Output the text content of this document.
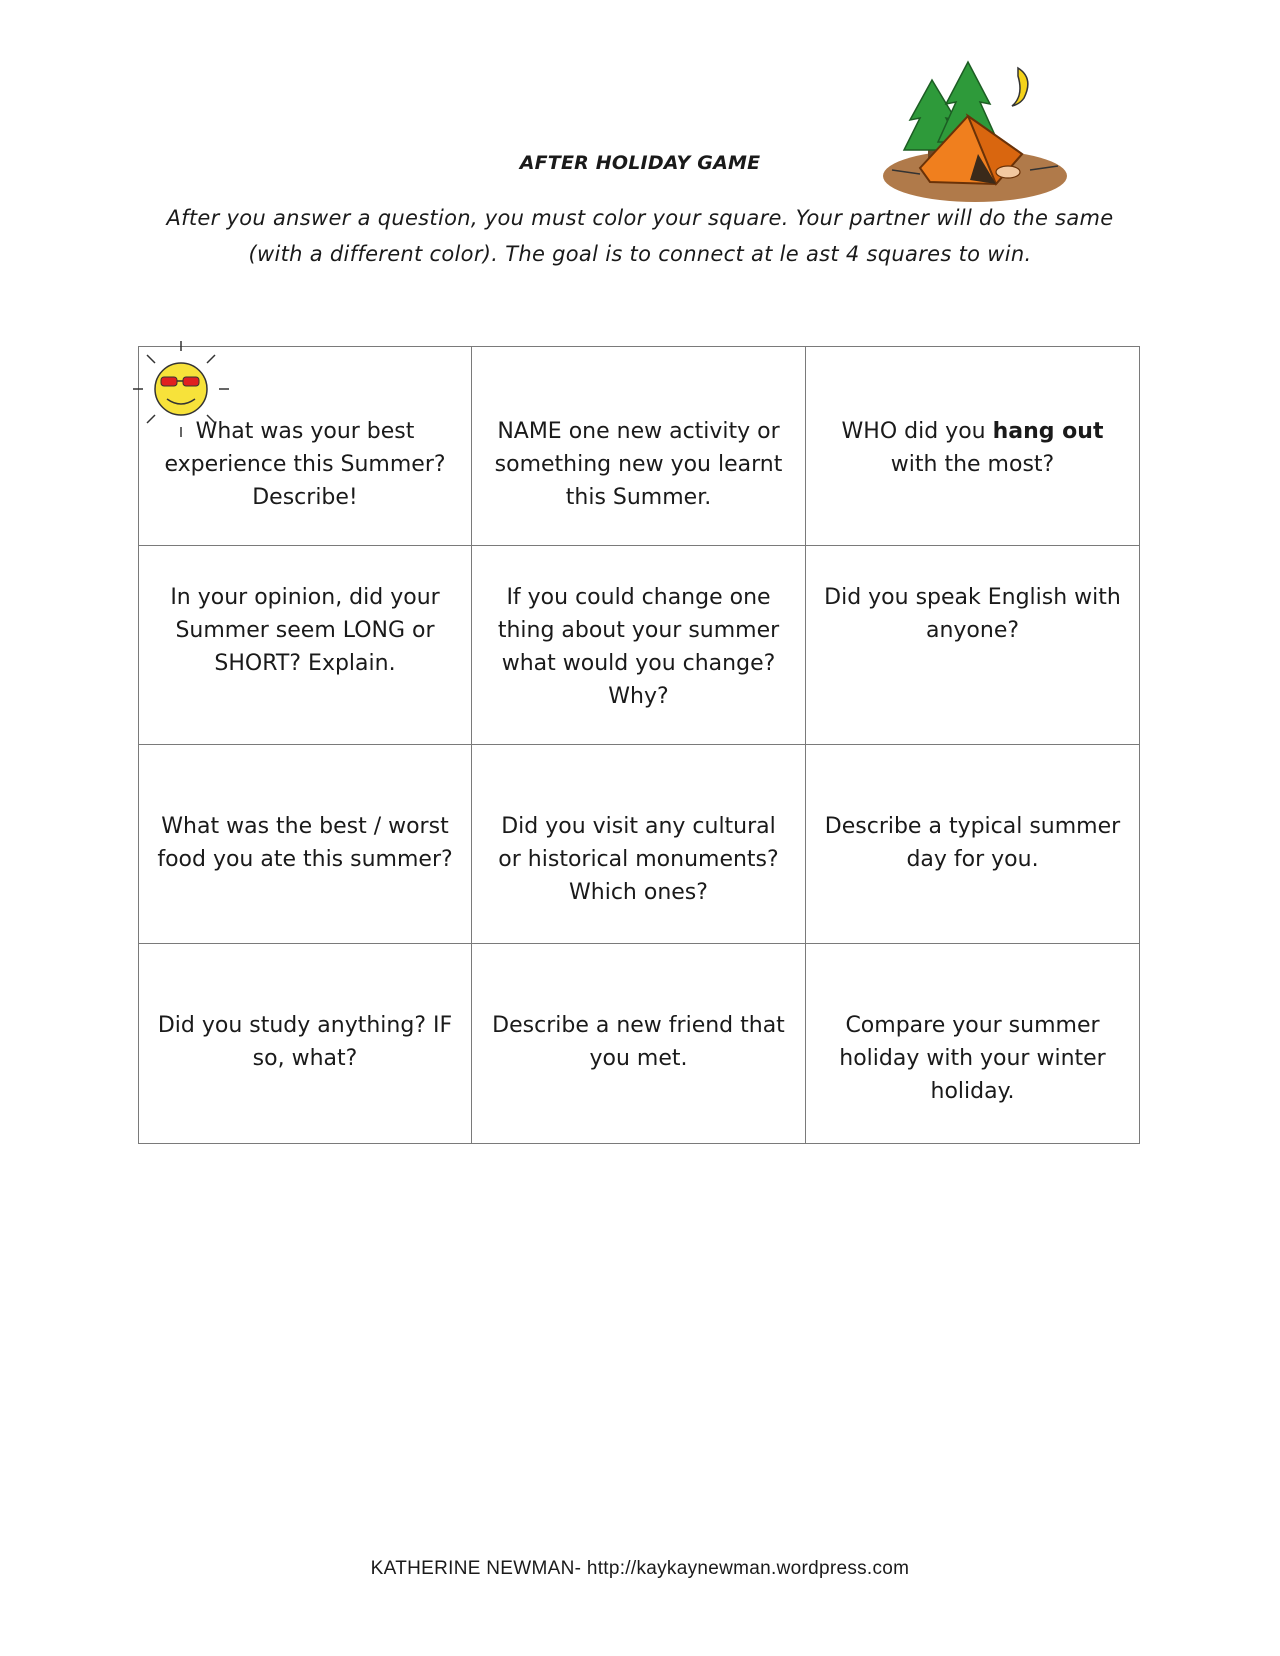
AFTER HOLIDAY GAME
After you answer a question, you must color your square. Your partner will do the same (with a different color). The goal is to connect at le ast 4 squares to win.
What was your best experience this Summer? Describe!
NAME one new activity or something new you learnt this Summer.
WHO did you hang out with the most?
In your opinion, did your Summer seem LONG or SHORT? Explain.
If you could change one thing about your summer what would you change? Why?
Did you speak English with anyone?
What was the best / worst food you ate this summer?
Did you visit any cultural or historical monuments? Which ones?
Describe a typical summer day for you.
Did you study anything? IF so, what?
Describe a new friend that you met.
Compare your summer holiday with your winter holiday.
KATHERINE NEWMAN- http://kaykaynewman.wordpress.com
